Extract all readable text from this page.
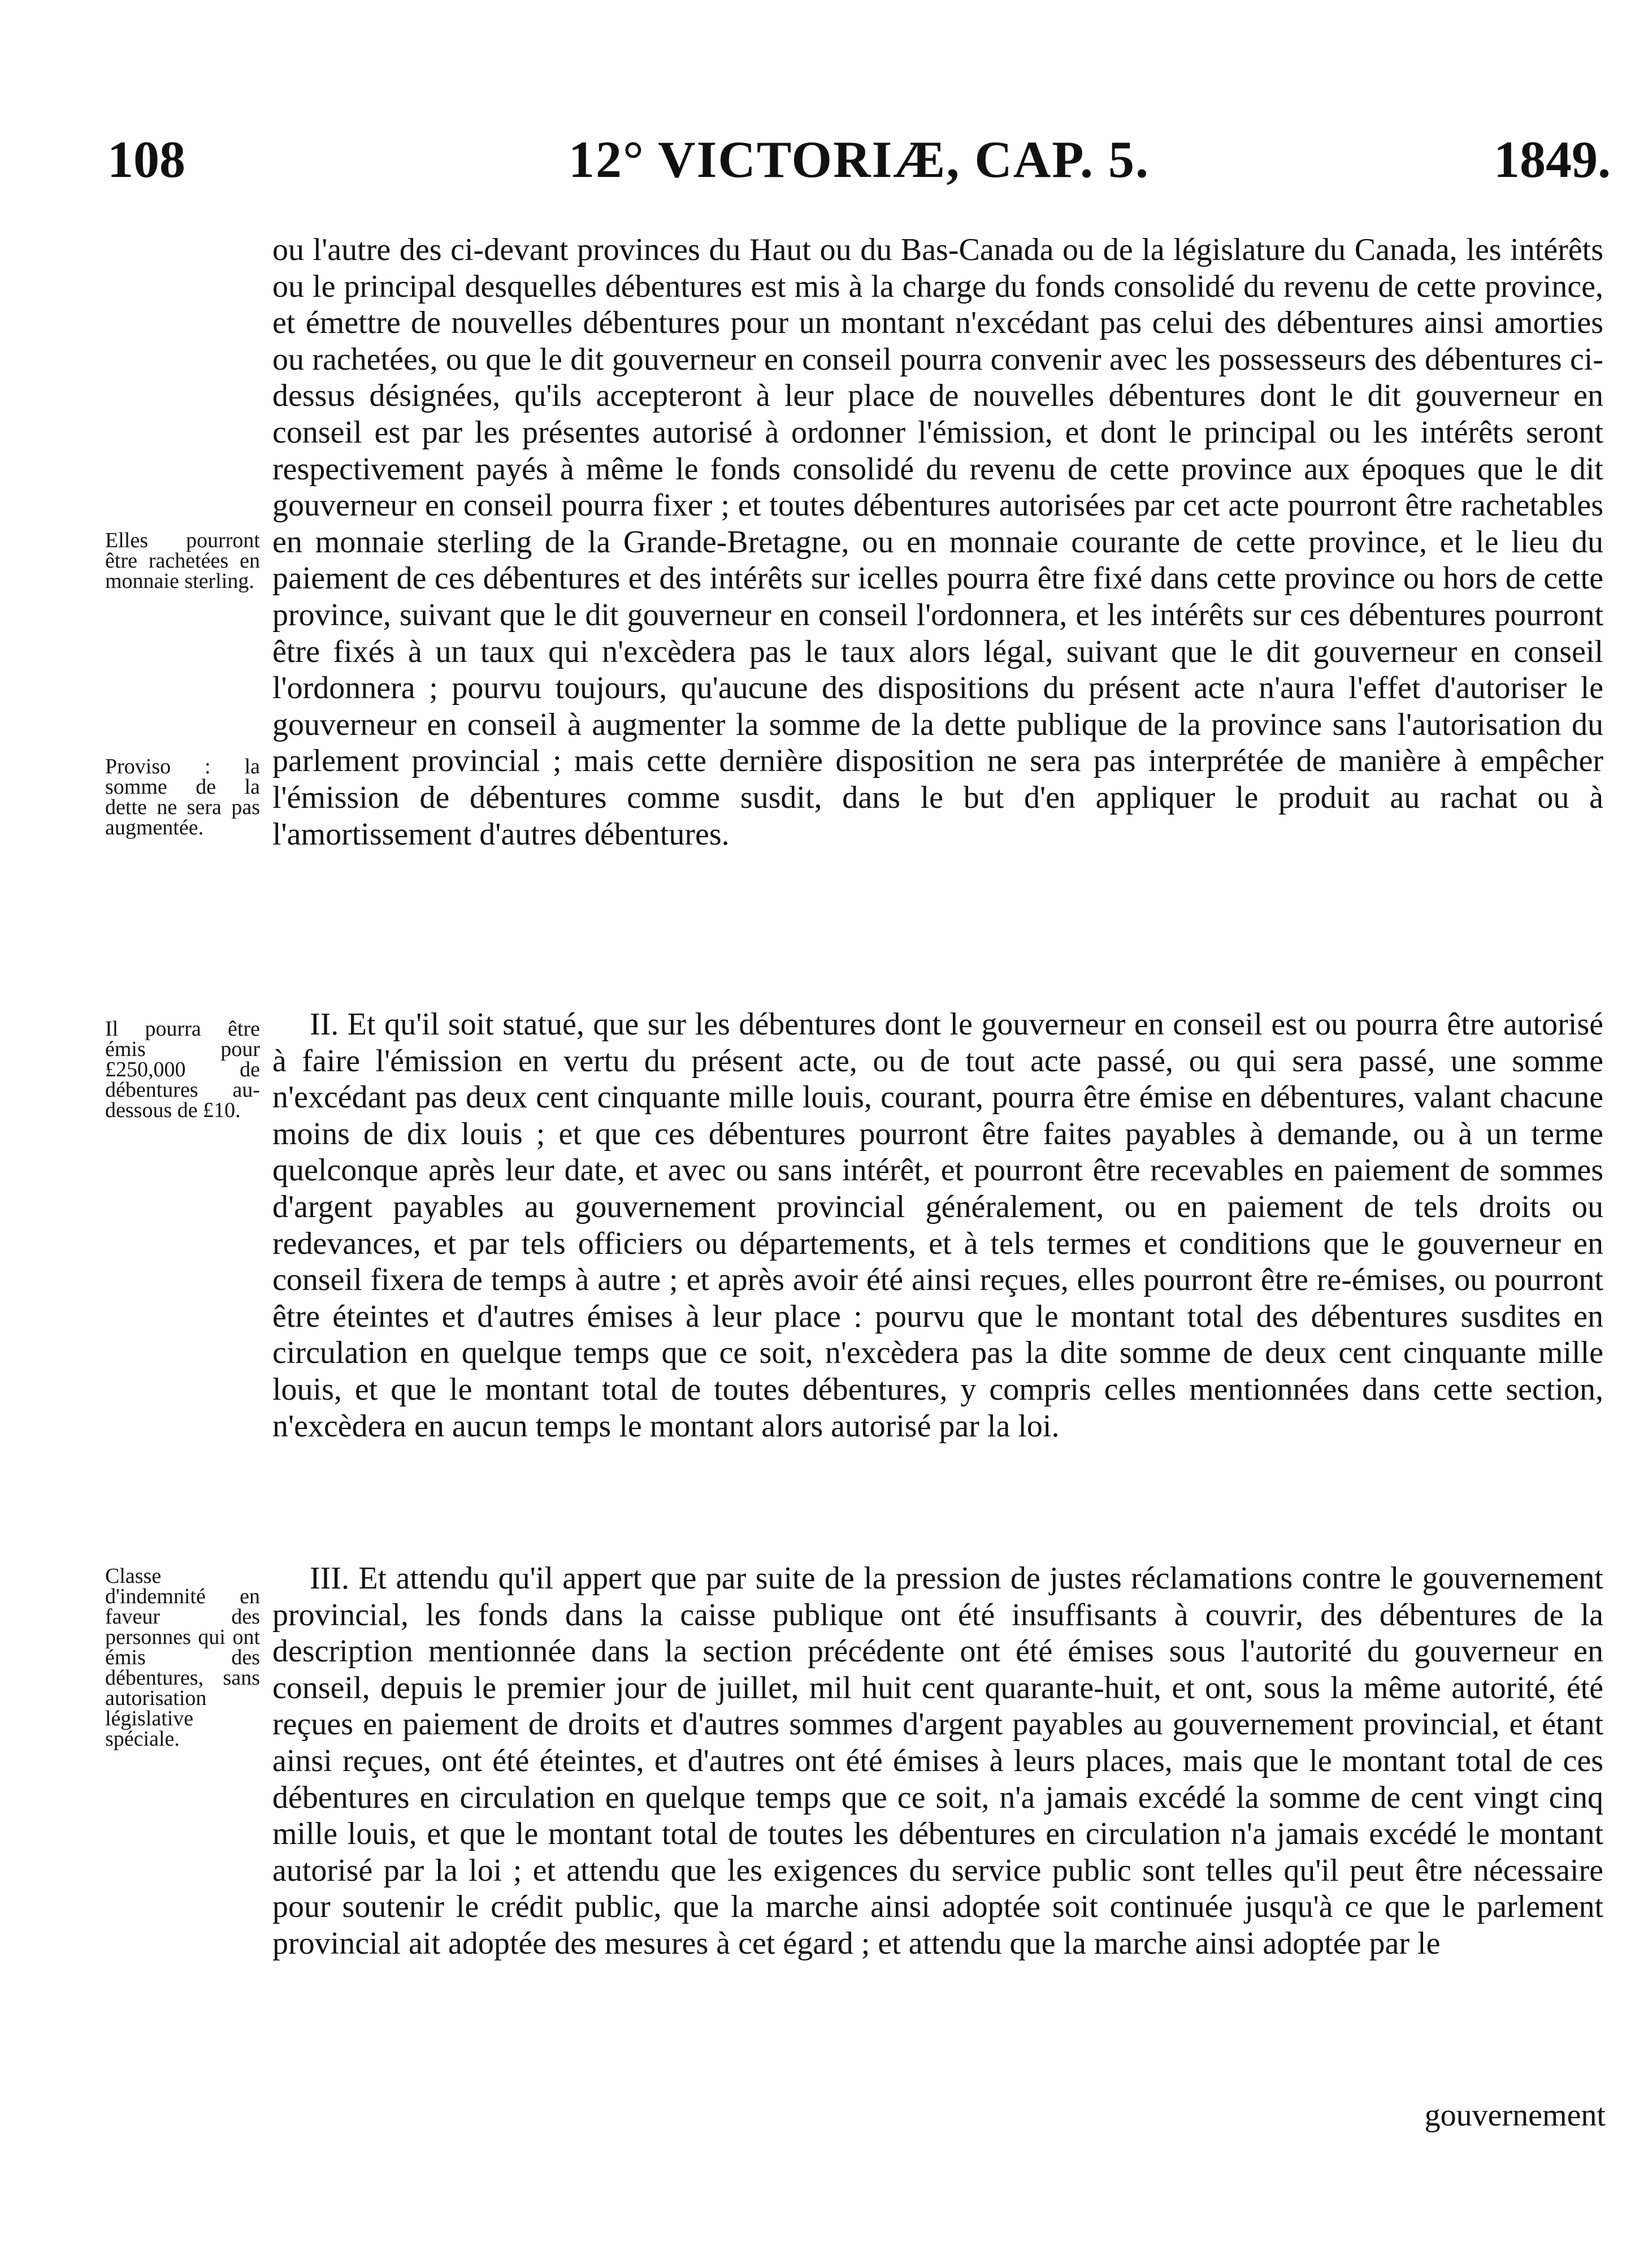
108	12° VICTORIÆ, CAP. 5.	1849.
Elles pourront être rachetées en monnaie sterling.
Proviso : la somme de la dette ne sera pas augmentée.
Il pourra être émis pour £250,000 de débentures au-dessous de £10.
Classe d'indemnité en faveur des personnes qui ont émis des débentures, sans autorisation législative spéciale.

ou l'autre des ci-devant provinces du Haut ou du Bas-Canada ou de la législature du Canada, les intérêts ou le principal desquelles débentures est mis à la charge du fonds consolidé du revenu de cette province, et émettre de nouvelles débentures pour un montant n'excédant pas celui des débentures ainsi amorties ou rachetées, ou que le dit gouverneur en conseil pourra convenir avec les possesseurs des débentures ci-dessus désignées, qu'ils accepteront à leur place de nouvelles débentures dont le dit gouverneur en conseil est par les présentes autorisé à ordonner l'émission, et dont le principal ou les intérêts seront respectivement payés à même le fonds consolidé du revenu de cette province aux époques que le dit gouverneur en conseil pourra fixer ; et toutes débentures autorisées par cet acte pourront être rachetables en monnaie sterling de la Grande-Bretagne, ou en monnaie courante de cette province, et le lieu du paiement de ces débentures et des intérêts sur icelles pourra être fixé dans cette province ou hors de cette province, suivant que le dit gouverneur en conseil l'ordonnera, et les intérêts sur ces débentures pourront être fixés à un taux qui n'excèdera pas le taux alors légal, suivant que le dit gouverneur en conseil l'ordonnera ; pourvu toujours, qu'aucune des dispositions du présent acte n'aura l'effet d'autoriser le gouverneur en conseil à augmenter la somme de la dette publique de la province sans l'autorisation du parlement provincial ; mais cette dernière disposition ne sera pas interprétée de manière à empêcher l'émission de débentures comme susdit, dans le but d'en appliquer le produit au rachat ou à l'amortissement d'autres débentures.

II. Et qu'il soit statué, que sur les débentures dont le gouverneur en conseil est ou pourra être autorisé à faire l'émission en vertu du présent acte, ou de tout acte passé, ou qui sera passé, une somme n'excédant pas deux cent cinquante mille louis, courant, pourra être émise en débentures, valant chacune moins de dix louis ; et que ces débentures pourront être faites payables à demande, ou à un terme quelconque après leur date, et avec ou sans intérêt, et pourront être recevables en paiement de sommes d'argent payables au gouvernement provincial généralement, ou en paiement de tels droits ou redevances, et par tels officiers ou départements, et à tels termes et conditions que le gouverneur en conseil fixera de temps à autre ; et après avoir été ainsi reçues, elles pourront être re-émises, ou pourront être éteintes et d'autres émises à leur place : pourvu que le montant total des débentures susdites en circulation en quelque temps que ce soit, n'excèdera pas la dite somme de deux cent cinquante mille louis, et que le montant total de toutes débentures, y compris celles mentionnées dans cette section, n'excèdera en aucun temps le montant alors autorisé par la loi.

III. Et attendu qu'il appert que par suite de la pression de justes réclamations contre le gouvernement provincial, les fonds dans la caisse publique ont été insuffisants à couvrir, des débentures de la description mentionnée dans la section précédente ont été émises sous l'autorité du gouverneur en conseil, depuis le premier jour de juillet, mil huit cent quarante-huit, et ont, sous la même autorité, été reçues en paiement de droits et d'autres sommes d'argent payables au gouvernement provincial, et étant ainsi reçues, ont été éteintes, et d'autres ont été émises à leurs places, mais que le montant total de ces débentures en circulation en quelque temps que ce soit, n'a jamais excédé la somme de cent vingt cinq mille louis, et que le montant total de toutes les débentures en circulation n'a jamais excédé le montant autorisé par la loi ; et attendu que les exigences du service public sont telles qu'il peut être nécessaire pour soutenir le crédit public, que la marche ainsi adoptée soit continuée jusqu'à ce que le parlement provincial ait adoptée des mesures à cet égard ; et attendu que la marche ainsi adoptée par le

gouvernement
